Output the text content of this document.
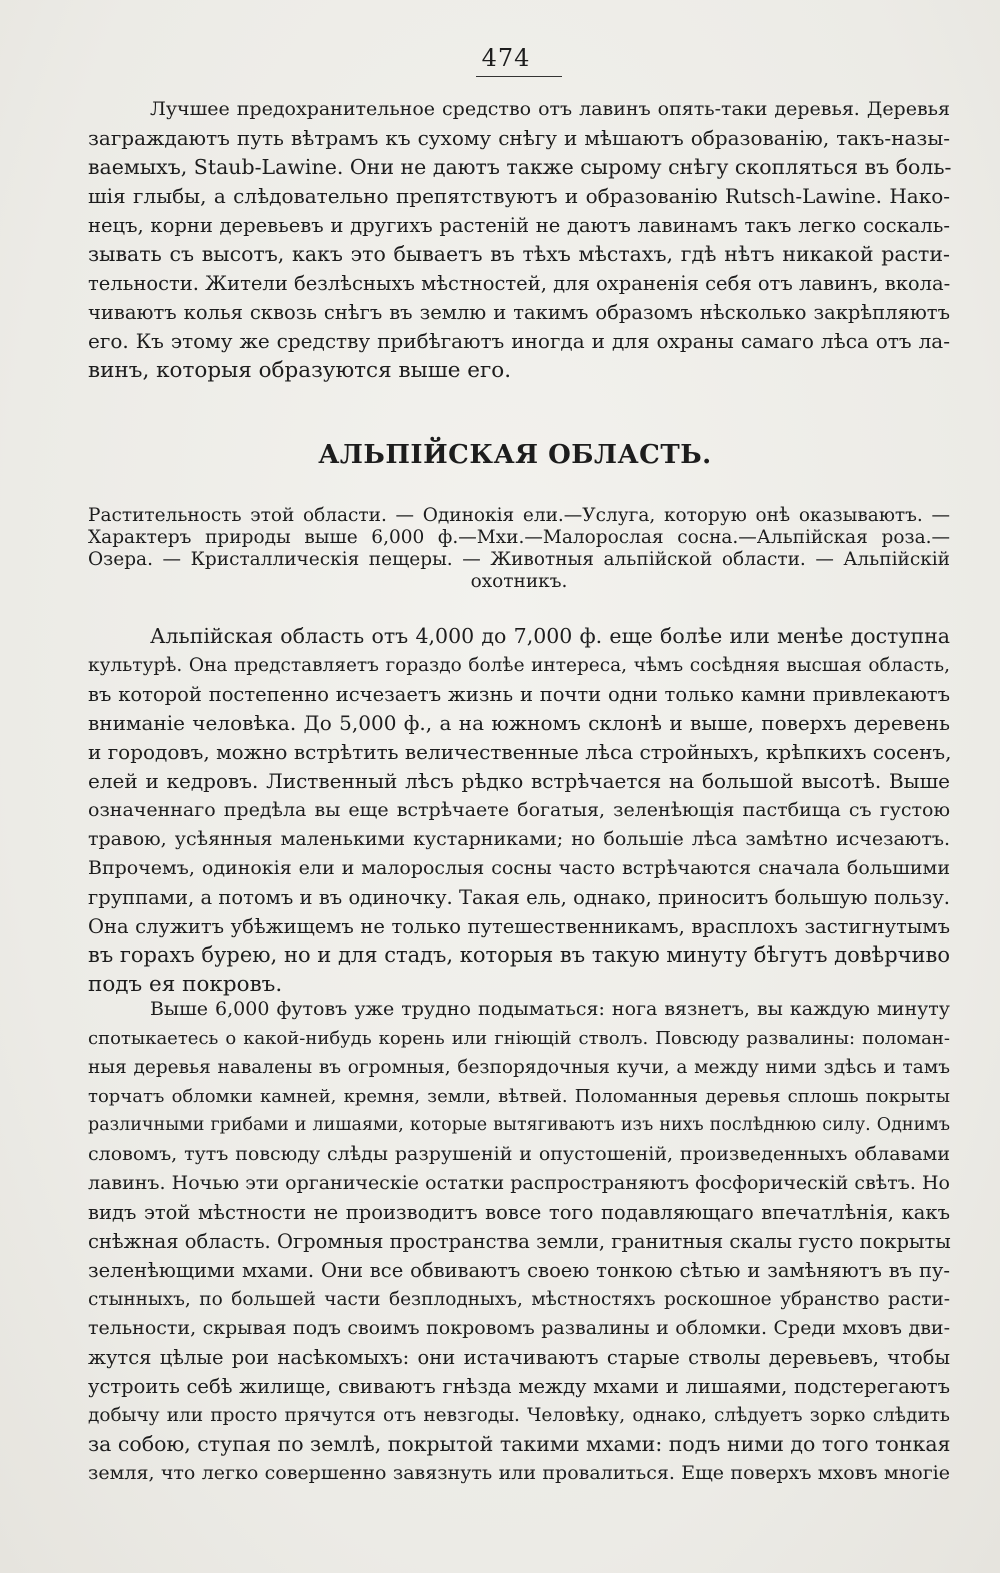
474
Лучшее предохранительное средство отъ лавинъ опять-таки деревья. Деревья
заграждаютъ путь вѣтрамъ къ сухому снѣгу и мѣшаютъ образованію, такъ-назы-
ваемыхъ, Staub-Lawine. Они не даютъ также сырому снѣгу скопляться въ боль-
шія глыбы, а слѣдовательно препятствуютъ и образованію Rutsch-Lawine. Нако-
нецъ, корни деревьевъ и другихъ растеній не даютъ лавинамъ такъ легко соскаль-
зывать съ высотъ, какъ это бываетъ въ тѣхъ мѣстахъ, гдѣ нѣтъ никакой расти-
тельности. Жители безлѣсныхъ мѣстностей, для охраненія себя отъ лавинъ, вкола-
чиваютъ колья сквозь снѣгъ въ землю и такимъ образомъ нѣсколько закрѣпляютъ
его. Къ этому же средству прибѣгаютъ иногда и для охраны самаго лѣса отъ ла-
винъ, которыя образуются выше его.
АЛЬПІЙСКАЯ ОБЛАСТЬ.
Растительность этой области. — Одинокія ели.—Услуга, которую онѣ оказываютъ. —
Характеръ природы выше 6,000 ф.—Мхи.—Малорослая сосна.—Альпійская роза.—
Озера. — Кристаллическія пещеры. — Животныя альпійской области. — Альпійскій
охотникъ.
Альпійская область отъ 4,000 до 7,000 ф. еще болѣе или менѣе доступна
культурѣ. Она представляетъ гораздо болѣе интереса, чѣмъ сосѣдняя высшая область,
въ которой постепенно исчезаетъ жизнь и почти одни только камни привлекаютъ
вниманіе человѣка. До 5,000 ф., а на южномъ склонѣ и выше, поверхъ деревень
и городовъ, можно встрѣтить величественные лѣса стройныхъ, крѣпкихъ сосенъ,
елей и кедровъ. Лиственный лѣсъ рѣдко встрѣчается на большой высотѣ. Выше
означеннаго предѣла вы еще встрѣчаете богатыя, зеленѣющія пастбища съ густою
травою, усѣянныя маленькими кустарниками; но большіе лѣса замѣтно исчезаютъ.
Впрочемъ, одинокія ели и малорослыя сосны часто встрѣчаются сначала большими
группами, а потомъ и въ одиночку. Такая ель, однако, приноситъ большую пользу.
Она служитъ убѣжищемъ не только путешественникамъ, врасплохъ застигнутымъ
въ горахъ бурею, но и для стадъ, которыя въ такую минуту бѣгутъ довѣрчиво
подъ ея покровъ.
Выше 6,000 футовъ уже трудно подыматься: нога вязнетъ, вы каждую минуту
спотыкаетесь о какой-нибудь корень или гніющій стволъ. Повсюду развалины: поломан-
ныя деревья навалены въ огромныя, безпорядочныя кучи, а между ними здѣсь и тамъ
торчатъ обломки камней, кремня, земли, вѣтвей. Поломанныя деревья сплошь покрыты
различными грибами и лишаями, которые вытягиваютъ изъ нихъ послѣднюю силу. Однимъ
словомъ, тутъ повсюду слѣды разрушеній и опустошеній, произведенныхъ облавами
лавинъ. Ночью эти органическіе остатки распространяютъ фосфорическій свѣтъ. Но
видъ этой мѣстности не производитъ вовсе того подавляющаго впечатлѣнія, какъ
снѣжная область. Огромныя пространства земли, гранитныя скалы густо покрыты
зеленѣющими мхами. Они все обвиваютъ своею тонкою сѣтью и замѣняютъ въ пу-
стынныхъ, по большей части безплодныхъ, мѣстностяхъ роскошное убранство расти-
тельности, скрывая подъ своимъ покровомъ развалины и обломки. Среди мховъ дви-
жутся цѣлые рои насѣкомыхъ: они истачиваютъ старые стволы деревьевъ, чтобы
устроить себѣ жилище, свиваютъ гнѣзда между мхами и лишаями, подстерегаютъ
добычу или просто прячутся отъ невзгоды. Человѣку, однако, слѣдуетъ зорко слѣдить
за собою, ступая по землѣ, покрытой такими мхами: подъ ними до того тонкая
земля, что легко совершенно завязнуть или провалиться. Еще поверхъ мховъ многіе
